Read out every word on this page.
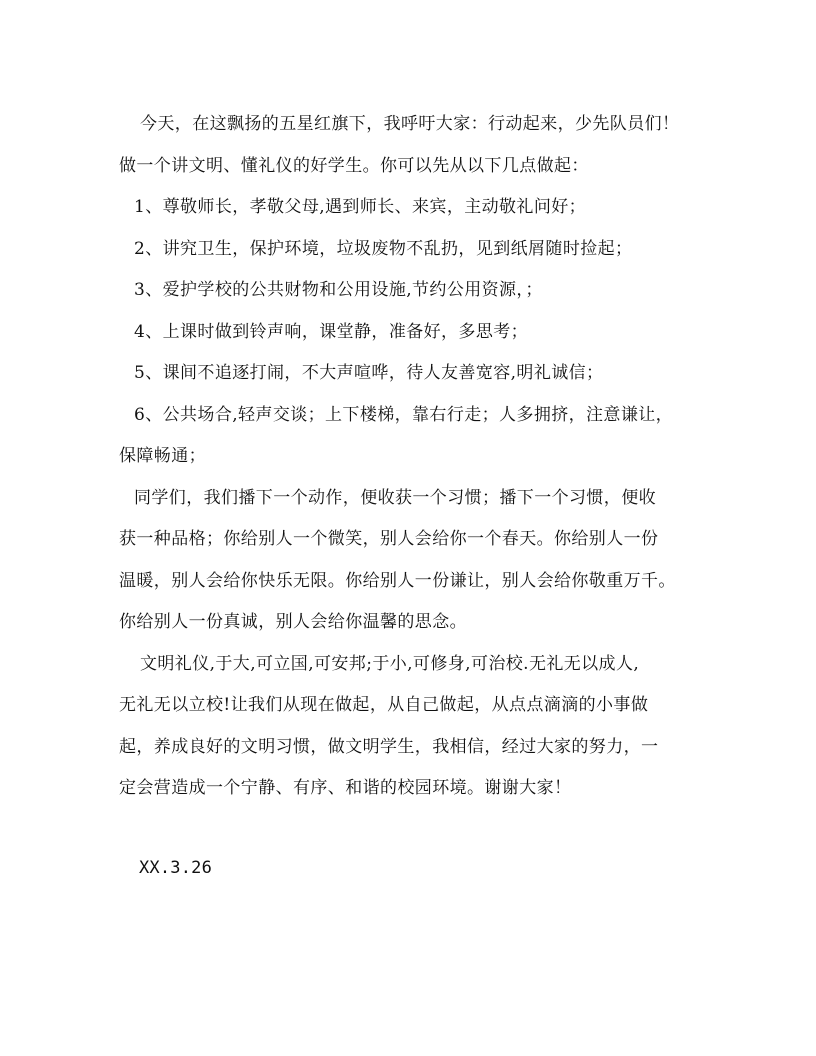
今天，在这飘扬的五星红旗下，我呼吁大家：行动起来，少先队员们！
做一个讲文明、懂礼仪的好学生。你可以先从以下几点做起：
1、尊敬师长，孝敬父母,遇到师长、来宾，主动敬礼问好；
2、讲究卫生，保护环境，垃圾废物不乱扔，见到纸屑随时捡起；
3、爱护学校的公共财物和公用设施,节约公用资源，；
4、上课时做到铃声响，课堂静，准备好，多思考；
5、课间不追逐打闹，不大声喧哗，待人友善宽容,明礼诚信；
6、公共场合,轻声交谈；上下楼梯，靠右行走；人多拥挤，注意谦让，
保障畅通；
同学们，我们播下一个动作，便收获一个习惯；播下一个习惯，便收
获一种品格；你给别人一个微笑，别人会给你一个春天。你给别人一份
温暖，别人会给你快乐无限。你给别人一份谦让，别人会给你敬重万千。
你给别人一份真诚，别人会给你温馨的思念。
文明礼仪,于大,可立国,可安邦;于小,可修身,可治校.无礼无以成人,
无礼无以立校!让我们从现在做起，从自己做起，从点点滴滴的小事做
起，养成良好的文明习惯，做文明学生，我相信，经过大家的努力，一
定会营造成一个宁静、有序、和谐的校园环境。谢谢大家！
XX.3.26
